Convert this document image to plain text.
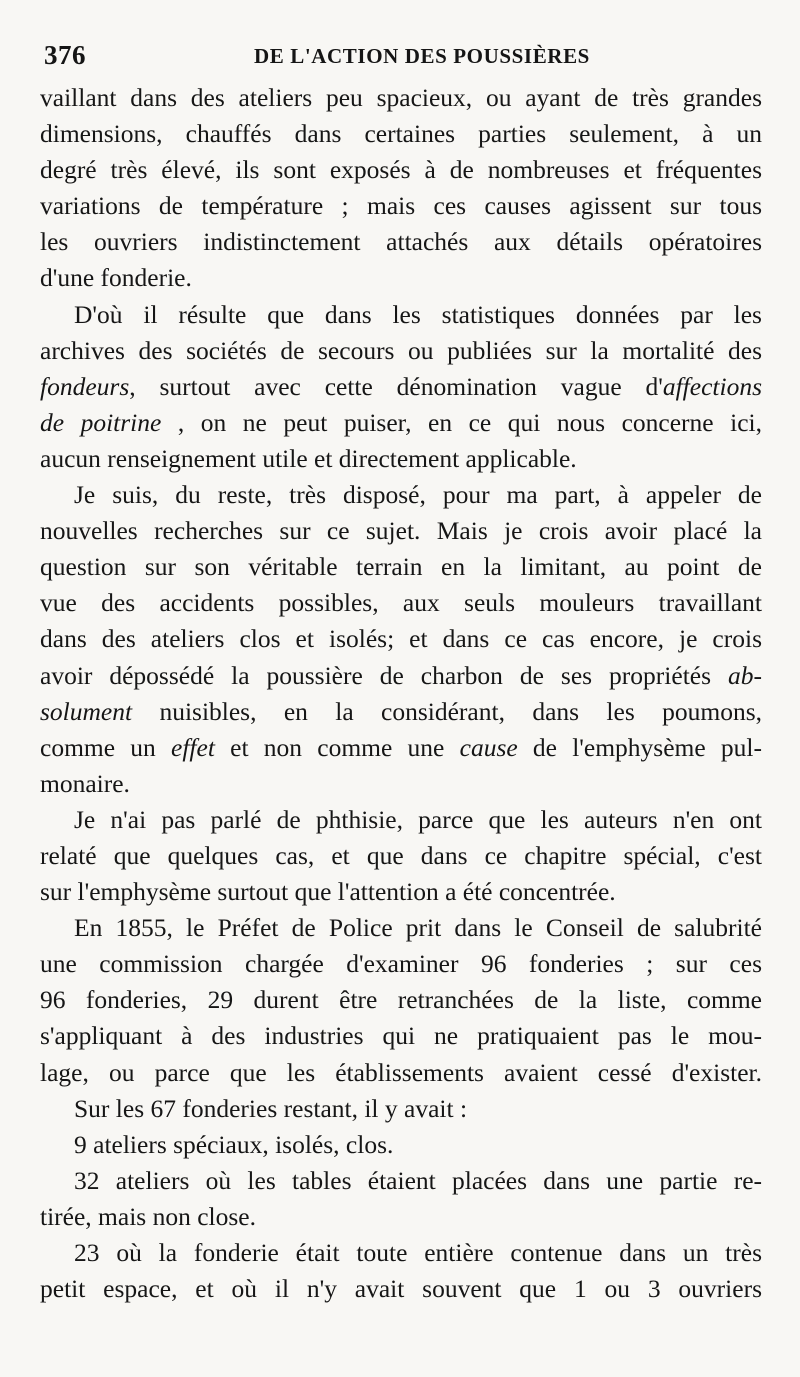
376	DE L'ACTION DES POUSSIÈRES
vaillant dans des ateliers peu spacieux, ou ayant de très grandes
dimensions, chauffés dans certaines parties seulement, à un
degré très élevé, ils sont exposés à de nombreuses et fréquentes
variations de température ; mais ces causes agissent sur tous
les ouvriers indistinctement attachés aux détails opératoires
d'une fonderie.
D'où il résulte que dans les statistiques données par les
archives des sociétés de secours ou publiées sur la mortalité des
fondeurs, surtout avec cette dénomination vague d'affections
de poitrine , on ne peut puiser, en ce qui nous concerne ici,
aucun renseignement utile et directement applicable.
Je suis, du reste, très disposé, pour ma part, à appeler de
nouvelles recherches sur ce sujet. Mais je crois avoir placé la
question sur son véritable terrain en la limitant, au point de
vue des accidents possibles, aux seuls mouleurs travaillant
dans des ateliers clos et isolés; et dans ce cas encore, je crois
avoir dépossédé la poussière de charbon de ses propriétés ab-
solument nuisibles, en la considérant, dans les poumons,
comme un effet et non comme une cause de l'emphysème pul-
monaire.
Je n'ai pas parlé de phthisie, parce que les auteurs n'en ont
relaté que quelques cas, et que dans ce chapitre spécial, c'est
sur l'emphysème surtout que l'attention a été concentrée.
En 1855, le Préfet de Police prit dans le Conseil de salubrité
une commission chargée d'examiner 96 fonderies ; sur ces
96 fonderies, 29 durent être retranchées de la liste, comme
s'appliquant à des industries qui ne pratiquaient pas le mou-
lage, ou parce que les établissements avaient cessé d'exister.
Sur les 67 fonderies restant, il y avait :
9 ateliers spéciaux, isolés, clos.
32 ateliers où les tables étaient placées dans une partie re-
tirée, mais non close.
23 où la fonderie était toute entière contenue dans un très
petit espace, et où il n'y avait souvent que 1 ou 3 ouvriers
